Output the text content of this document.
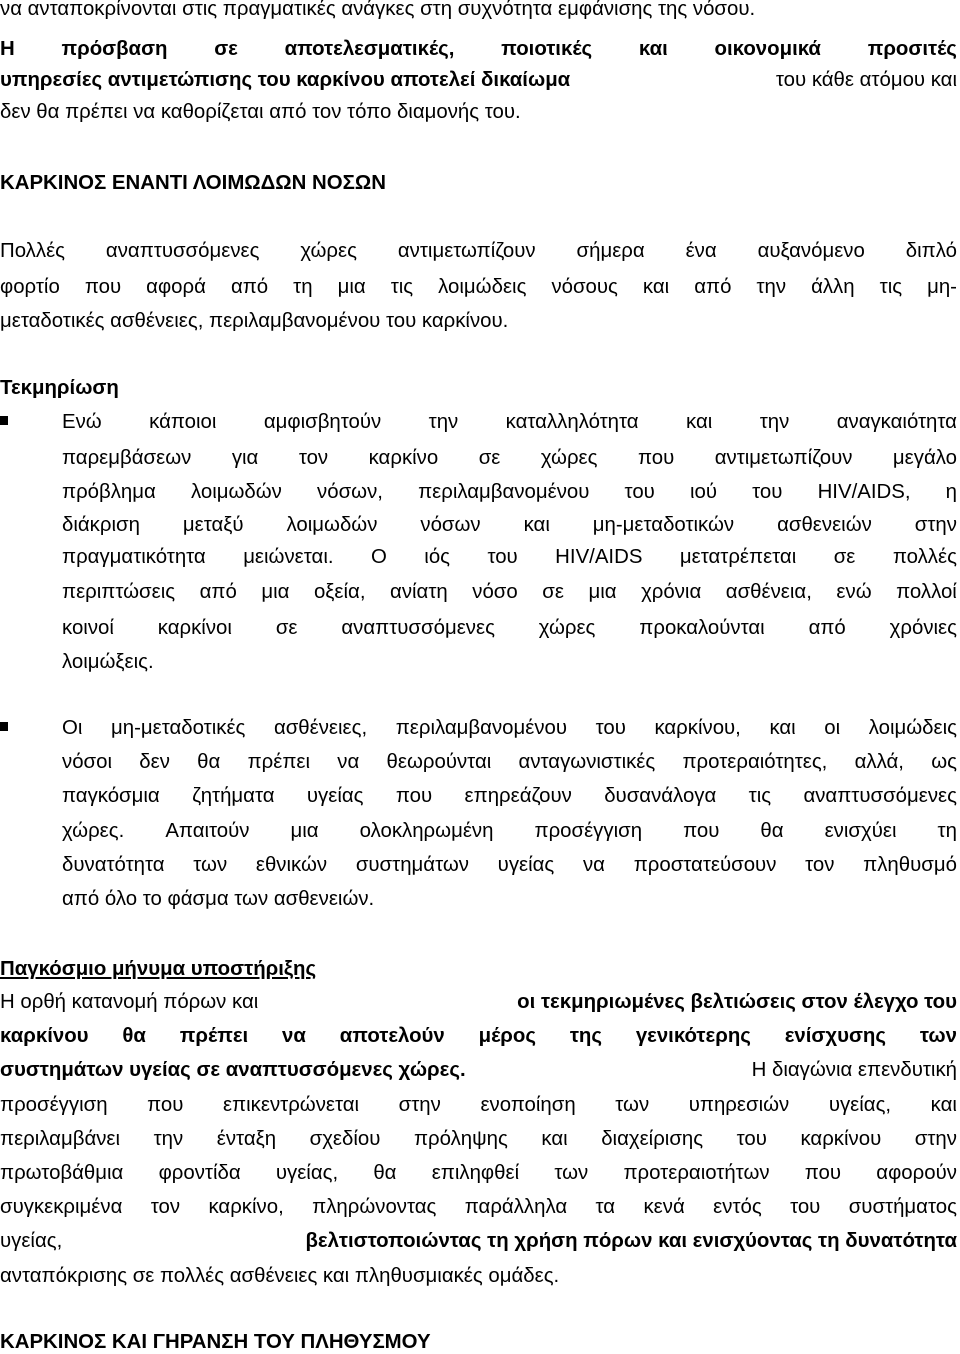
να ανταποκρίνονται στις πραγματικές ανάγκες στη συχνότητα εμφάνισης της νόσου.
Η πρόσβαση σε αποτελεσματικές, ποιοτικές και οικονομικά προσιτές
υπηρεσίες αντιμετώπισης του καρκίνου αποτελεί δικαίωμα	του κάθε ατόμου και
δεν θα πρέπει να καθορίζεται από τον τόπο διαμονής του.
ΚΑΡΚΙΝΟΣ ΕΝΑΝΤΙ ΛΟΙΜΩΔΩΝ ΝΟΣΩΝ
Πολλές αναπτυσσόμενες χώρες αντιμετωπίζουν σήμερα ένα αυξανόμενο διπλό
φορτίο που αφορά από τη μια τις λοιμώδεις νόσους και από την άλλη τις μη-
μεταδοτικές ασθένειες, περιλαμβανομένου του καρκίνου.
Τεκμηρίωση
Ενώ κάποιοι αμφισβητούν την καταλληλότητα και την αναγκαιότητα
παρεμβάσεων για τον καρκίνο σε χώρες που αντιμετωπίζουν μεγάλο
πρόβλημα λοιμωδών νόσων, περιλαμβανομένου του ιού του HIV/AIDS, η
διάκριση μεταξύ λοιμωδών νόσων και μη-μεταδοτικών ασθενειών στην
πραγματικότητα μειώνεται. Ο ιός του HIV/AIDS μετατρέπεται σε πολλές
περιπτώσεις από μια οξεία, ανίατη νόσο σε μια χρόνια ασθένεια, ενώ πολλοί
κοινοί καρκίνοι σε αναπτυσσόμενες χώρες προκαλούνται από χρόνιες
λοιμώξεις.
Οι μη-μεταδοτικές ασθένειες, περιλαμβανομένου του καρκίνου, και οι λοιμώδεις
νόσοι δεν θα πρέπει να θεωρούνται ανταγωνιστικές προτεραιότητες, αλλά, ως
παγκόσμια ζητήματα υγείας που επηρεάζουν δυσανάλογα τις αναπτυσσόμενες
χώρες. Απαιτούν μια ολοκληρωμένη προσέγγιση που θα ενισχύει τη
δυνατότητα των εθνικών συστημάτων υγείας να προστατεύσουν τον πληθυσμό
από όλο το φάσμα των ασθενειών.
Παγκόσμιο μήνυμα υποστήριξης
Η ορθή κατανομή πόρων και	οι τεκμηριωμένες βελτιώσεις στον έλεγχο του
καρκίνου θα πρέπει να αποτελούν μέρος της γενικότερης ενίσχυσης των
συστημάτων υγείας σε αναπτυσσόμενες χώρες.	Η διαγώνια επενδυτική
προσέγγιση που επικεντρώνεται στην ενοποίηση των υπηρεσιών υγείας, και
περιλαμβάνει την ένταξη σχεδίου πρόληψης και διαχείρισης του καρκίνου στην
πρωτοβάθμια φροντίδα υγείας, θα επιληφθεί των προτεραιοτήτων που αφορούν
συγκεκριμένα τον καρκίνο, πληρώνοντας παράλληλα τα κενά εντός του συστήματος
υγείας,	βελτιστοποιώντας τη χρήση πόρων και ενισχύοντας τη δυνατότητα
ανταπόκρισης σε πολλές ασθένειες και πληθυσμιακές ομάδες.
ΚΑΡΚΙΝΟΣ ΚΑΙ ΓΗΡΑΝΣΗ ΤΟΥ ΠΛΗΘΥΣΜΟΥ
